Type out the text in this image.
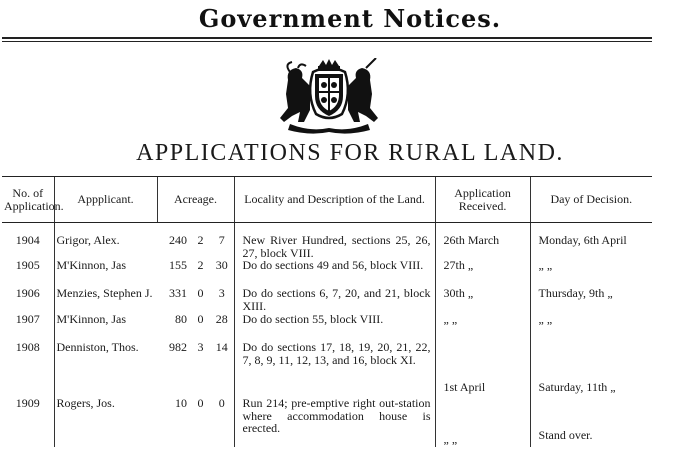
Government Notices.
APPLICATIONS FOR RURAL LAND.
No. of Application.	Appplicant.	Acreage.			Locality and Description of the Land.	Application Received.	Day of Decision.
1904	Grigor, Alex.	240	2	7	New River Hundred, sections 25, 26, 27, block VIII.	26th March	Monday, 6th April
1905	M'Kinnon, Jas	155	2	30	Do do sections 49 and 56, block VIII.	27th „	„ „
1906	Menzies, Stephen J.	331	0	3	Do do sections 6, 7, 20, and 21, block XIII.	30th „	Thursday, 9th „
1907	M'Kinnon, Jas	80	0	28	Do do section 55, block VIII.	„ „	„ „
1908	Denniston, Thos.	982	3	14	Do do sections 17, 18, 19, 20, 21, 22, 7, 8, 9, 11, 12, 13, and 16, block XI.	1st April	Saturday, 11th „
1909	Rogers, Jos.	10	0	0	Run 214; pre-emptive right out-station where accommodation house is erected.	„ „	Stand over.
